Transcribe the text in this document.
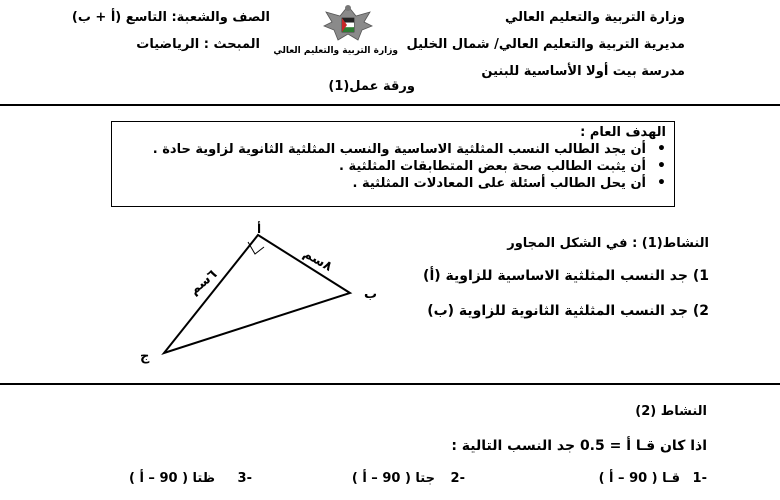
وزارة التربية والتعليم العالي
مديرية التربية والتعليم العالي/ شمال الخليل
مدرسة بيت أولا الأساسية للبنين
الصف والشعبة: التاسع (أ + ب)
المبحث : الرياضيات
ورقة عمل(1)
وزارة التربية والتعليم العالي
الهدف العام :
• أن يجد الطالب النسب المثلثية الاساسية والنسب المثلثية الثانوية لزاوية حادة .
• أن يثبت الطالب صحة بعض المتطابقات المثلثية .
• أن يحل الطالب أسئلة على المعادلات المثلثية .
النشاط(1) : في الشكل المجاور
1) جد النسب المثلثية الاساسية للزاوية (أ)
2) جد النسب المثلثية الثانوية للزاوية (ب)
أ
ب
ج
٨سم
٦سم
النشاط (2)
اذا كان قـا أ = 0.5 جد النسب التالية :
-1
قـا ( 90 – أ )
-2
جتا ( 90 – أ )
-3
ظتا ( 90 – أ )
